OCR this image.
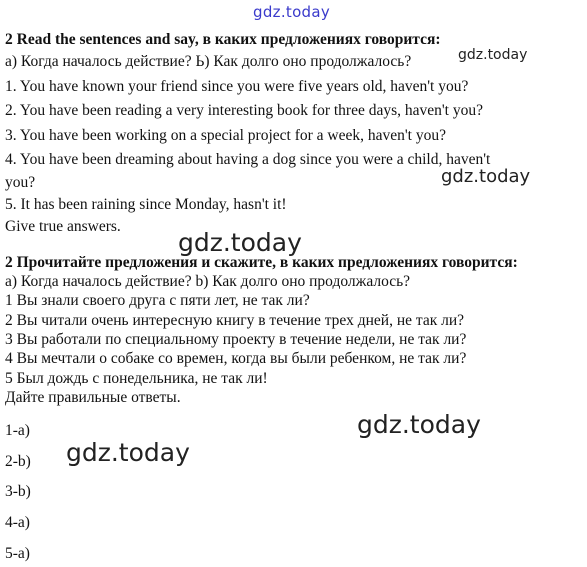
gdz.today
gdz.today
gdz.today
gdz.today
gdz.today
gdz.today
2 Read the sentences and say, в каких предложениях говорится:
а) Когда началось действие? Ь) Как долго оно продолжалось?
1. You have known your friend since you were five years old, haven't you?
2. You have been reading a very interesting book for three days, haven't you?
3. You have been working on a special project for a week, haven't you?
4. You have been dreaming about having a dog since you were a child, haven't
you?
5. It has been raining since Monday, hasn't it!
Give true answers.
2 Прочитайте предложения и скажите, в каких предложениях говорится:
а) Когда началось действие? b) Как долго оно продолжалось?
1 Вы знали своего друга с пяти лет, не так ли?
2 Вы читали очень интересную книгу в течение трех дней, не так ли?
3 Вы работали по специальному проекту в течение недели, не так ли?
4 Вы мечтали о собаке со времен, когда вы были ребенком, не так ли?
5 Был дождь с понедельника, не так ли!
Дайте правильные ответы.
1-а)
2-b)
3-b)
4-а)
5-а)
